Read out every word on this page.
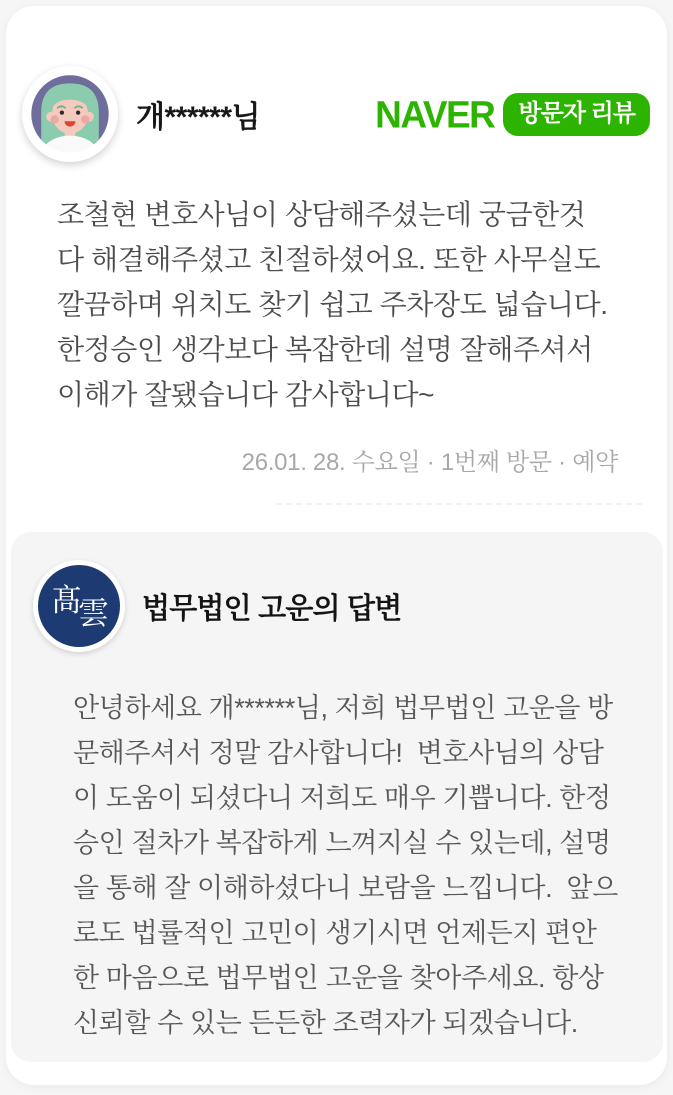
개******님	NAVER	방문자 리뷰
조철현 변호사님이 상담해주셨는데 궁금한것 다 해결해주셨고 친절하셨어요. 또한 사무실도 깔끔하며 위치도 찾기 쉽고 주차장도 넓습니다. 한정승인 생각보다 복잡한데 설명 잘해주셔서 이해가 잘됐습니다 감사합니다~
26.01. 28. 수요일 · 1번째 방문 · 예약
髙
雲 법무법인 고운의 답변
안녕하세요 개******님, 저희 법무법인 고운을 방문해주셔서 정말 감사합니다!  변호사님의 상담이 도움이 되셨다니 저희도 매우 기쁩니다. 한정승인 절차가 복잡하게 느껴지실 수 있는데, 설명을 통해 잘 이해하셨다니 보람을 느낍니다.  앞으로도 법률적인 고민이 생기시면 언제든지 편안한 마음으로 법무법인 고운을 찾아주세요. 항상 신뢰할 수 있는 든든한 조력자가 되겠습니다.
